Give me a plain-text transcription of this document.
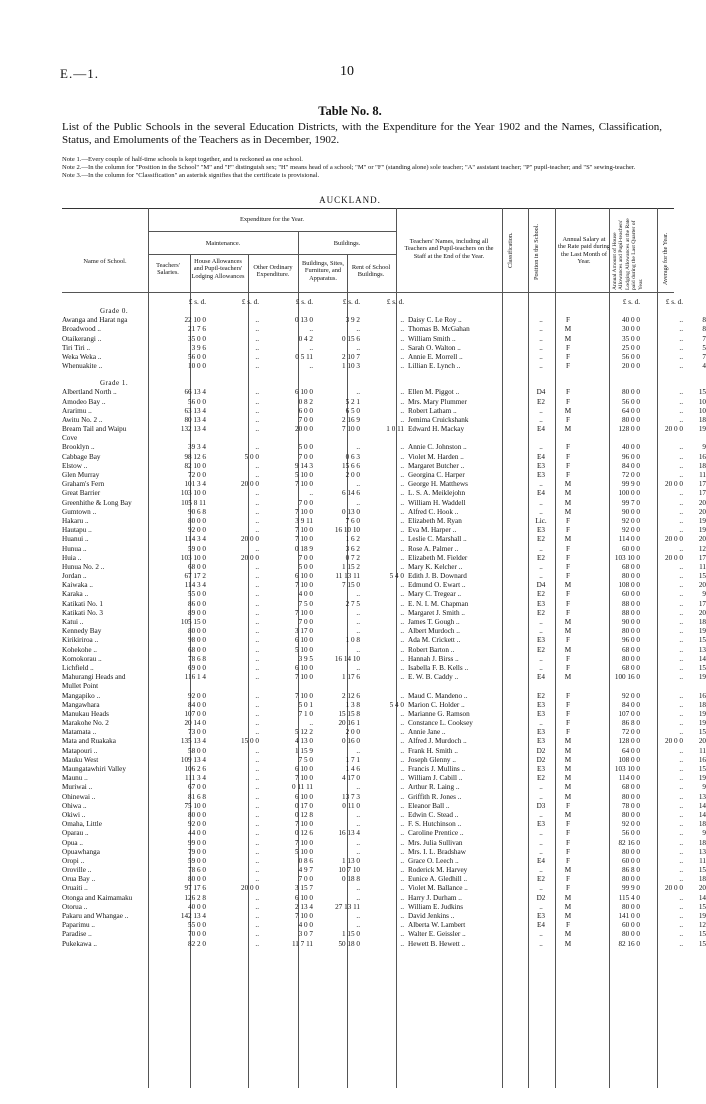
E.—1.	10
Table No. 8.
List of the Public Schools in the several Education Districts, with the Expenditure for the Year 1902 and the Names, Classification, Status, and Emoluments of the Teachers as in December, 1902.
Note 1.—Every couple of half-time schools is kept together, and is reckoned as one school.
Note 2.—In the column for "Position in the School" "M" and "F" distinguish sex; "H" means head of a school; "M" or "F" (standing alone) sole teacher; "A" assistant teacher; "P" pupil-teacher; and "S" sewing-teacher.
Note 3.—In the column for "Classification" an asterisk signifies that the certificate is provisional.
AUCKLAND.
Name of School.
Expenditure for the Year.
Maintenance.	Buildings.
Teachers' Salaries.
House Allowances and Pupil-teachers' Lodging Allowances
Other Ordinary Expenditure.
Buildings, Sites, Furniture, and Apparatus.
Rent of School Buildings.
Teachers' Names, including all Teachers and Pupil-teachers on the Staff at the End of the Year.	Classification.	Position in the School.	Annual Salary at the Rate paid during the Last Month of Year.	Annual Amount of House Allowances and Pupil-teachers' Lodging Allowances at the Rate paid during the Last Quarter of Year.	Average for the Year.
£ s. d.	£ s. d.	£ s. d.	£ s. d.	£ s. d.	£ s. d.	£ s. d.
Grade 0.
Awanga and Harat nga	22 10 0	..	0 13 0	3 9 2	.. Daisy C. Le Roy ..	..	F	40 0 0	..	8
Broadwood ..	21 7 6	..	..	..	.. Thomas B. McGahan	..	M	30 0 0	..	8
Otaikerangi ..	35 0 0	..	0 4 2	0 15 6	.. William Smith ..	..	M	35 0 0	..	7
Tiri Tiri ..	3 9 6	..	..	..	.. Sarah O. Walton ..	..	F	25 0 0	..	5
Weka Weka ..	56 0 0	..	0 5 11	2 10 7	.. Annie E. Morrell ..	..	F	56 0 0	..	7
Whenuakite ..	10 0 0	..	..	1 10 3	.. Lillian E. Lynch ..	..	F	20 0 0	..	4
Grade 1.
Albertland North ..	66 13 4	..	6 10 0	..	.. Ellen M. Piggot ..	D4	F	80 0 0	..	15
Amodeo Bay ..	56 0 0	..	0 8 2	5 2 1	.. Mrs. Mary Plummer	E2	F	56 0 0	..	10
Ararimu ..	63 13 4	..	6 0 0	6 5 0	.. Robert Latham ..	..	M	64 0 0	..	10
Awitu No. 2 ..	80 13 4	..	7 0 0	2 16 9	.. Jemima Cruickshank	..	F	80 0 0	..	18
Bream Tail and Waipu	132 13 4	..	20 0 0	7 10 0	1 0 11 Edward H. Mackay	E4	M	128 0 0	20 0 0	19
Cove
Brooklyn ..	39 3 4	..	5 0 0	..	.. Annie C. Johnston ..	..	F	40 0 0	..	9
Cabbage Bay	98 12 6	5 0 0	7 0 0	0 6 3	.. Violet M. Harden ..	E4	F	96 0 0	..	16
Elstow ..	82 10 0	..	9 14 3	15 6 6	.. Margaret Butcher ..	E3	F	84 0 0	..	18
Glen Murray	72 0 0	..	5 10 0	2 0 0	.. Georgina C. Harper	E3	F	72 0 0	..	11
Graham's Fern	101 3 4	20 0 0	7 10 0	..	.. George H. Matthews	..	M	99 9 0	20 0 0	17
Great Barrier	103 10 0	..	..	6 14 6	.. L. S. A. Meiklejohn	E4	M	100 0 0	..	17
Greenhithe & Long Bay	105 8 11	..	7 0 0	..	.. William H. Waddell	..	M	99 7 0	..	20
Gumtown ..	90 6 8	..	7 10 0	0 13 0	.. Alfred C. Hook ..	..	M	90 0 0	..	20
Hakaru ..	80 0 0	..	3 9 11	7 6 0	.. Elizabeth M. Ryan	Lic.	F	92 0 0	..	19
Hautapu ..	92 0 0	..	7 10 0	16 10 10	.. Eva M. Harper ..	E3	F	92 0 0	..	19
Huanui ..	114 3 4	20 0 0	7 10 0	1 6 2	.. Leslie C. Marshall ..	E2	M	114 0 0	20 0 0	20
Hunua ..	59 0 0	..	0 18 9	3 6 2	.. Rose A. Palmer ..	..	F	60 0 0	..	12
Huia ..	103 10 0	20 0 0	7 0 0	0 7 2	.. Elizabeth M. Fielder	E2	F	103 10 0	20 0 0	17
Hunua No. 2 ..	68 0 0	..	5 0 0	1 15 2	.. Mary K. Kelcher ..	..	F	68 0 0	..	11
Jordan ..	67 17 2	..	6 10 0	11 13 11	5 4 0 Edith J. B. Downard	..	F	80 0 0	..	15
Kaiwaka ..	114 3 4	..	7 10 0	7 15 0	.. Edmund O. Ewart ..	D4	M	108 0 0	..	20
Karaka ..	55 0 0	..	4 0 0	..	.. Mary C. Tregear ..	E2	F	60 0 0	..	9
Katikati No. 1	86 0 0	..	7 5 0	2 7 5	.. E. N. I. M. Chapman	E3	F	88 0 0	..	17
Katikati No. 3	89 0 0	..	7 10 0	..	.. Margaret J. Smith ..	E2	F	88 0 0	..	20
Katui ..	105 15 0	..	7 0 0	..	.. James T. Gough ..	..	M	90 0 0	..	18
Kennedy Bay	80 0 0	..	3 17 0	..	.. Albert Murdoch ..	..	M	80 0 0	..	19
Kirikiriroa ..	98 0 0	..	6 10 0	1 0 8	.. Ada M. Crickett ..	E3	F	96 0 0	..	15
Kohekohe ..	68 0 0	..	5 10 0	..	.. Robert Barton ..	E2	M	68 0 0	..	13
Komokorau ..	78 6 8	..	3 9 5	16 14 10	.. Hannah J. Birss ..	..	F	80 0 0	..	14
Lichfield ..	69 0 0	..	6 10 0	..	.. Isabella F. B. Kells ..	..	F	68 0 0	..	15
Mahurangi Heads and	116 1 4	..	7 10 0	1 17 6	.. E. W. B. Caddy ..	E4	M	100 16 0	..	19
Mullet Point
Mangapiko ..	92 0 0	..	7 10 0	2 12 6	.. Maud C. Mandeno ..	E2	F	92 0 0	..	16
Mangawhara	84 0 0	..	5 0 1	1 3 8	5 4 0 Marion C. Holder ..	E3	F	84 0 0	..	18
Manukau Heads	107 0 0	..	7 1 0	15 15 8	.. Marianne G. Ramson	E3	F	107 0 0	..	19
Marakohe No. 2	20 14 0	..	..	20 16 1	.. Constance L. Cooksey	..	F	86 8 0	..	19
Matamata ..	73 0 0	..	5 12 2	2 0 0	.. Annie Jane ..	E3	F	72 0 0	..	15
Mata and Ruakaka	135 13 4	15 0 0	4 13 0	0 16 0	.. Alfred J. Murdoch ..	E3	M	128 0 0	20 0 0	20
Matapouri ..	58 0 0	..	1 15 9	..	.. Frank H. Smith ..	D2	M	64 0 0	..	11
Mauku West	109 13 4	..	7 5 0	1 7 1	.. Joseph Glenny ..	D2	M	108 0 0	..	16
Maungatawhiri Valley	106 2 6	..	6 10 0	1 4 6	.. Francis J. Mullins ..	E3	M	103 10 0	..	15
Maunu ..	111 3 4	..	7 10 0	4 17 0	.. William J. Cabill ..	E2	M	114 0 0	..	19
Muriwai ..	67 0 0	..	0 11 11	..	.. Arthur R. Laing ..	..	M	68 0 0	..	9
Ohinewai ..	81 6 8	..	6 10 0	13 7 3	.. Griffith R. Jones ..	..	M	80 0 0	..	13
Ohiwa ..	75 10 0	..	0 17 0	0 11 0	.. Eleanor Ball ..	D3	F	78 0 0	..	14
Okiwi ..	80 0 0	..	0 12 8	..	.. Edwin C. Stead ..	..	M	80 0 0	..	14
Omaha, Little	92 0 0	..	7 10 0	..	.. F. S. Hutchinson ..	E3	F	92 0 0	..	18
Oparau ..	44 0 0	..	0 12 6	16 13 4	.. Caroline Prentice ..	..	F	56 0 0	..	9
Opua ..	99 0 0	..	7 10 0	..	.. Mrs. Julia Sullivan	..	F	82 16 0	..	18
Opuawhanga	79 0 0	..	5 10 0	..	.. Mrs. I. L. Bradshaw	..	F	80 0 0	..	13
Oropi ..	59 0 0	..	0 8 6	1 13 0	.. Grace O. Leech ..	E4	F	60 0 0	..	11
Oroville ..	78 6 0	..	4 9 7	10 7 10	.. Roderick M. Harvey	..	M	86 8 0	..	15
Orua Bay ..	80 0 0	..	7 0 0	0 18 8	.. Eunice A. Gledhill ..	E2	F	80 0 0	..	18
Oruaiti ..	97 17 6	20 0 0	3 15 7	..	.. Violet M. Ballance ..	..	F	99 9 0	20 0 0	20
Otonga and Kaimamaku	126 2 8	..	6 10 0	..	.. Harry J. Durham ..	D2	M	115 4 0	..	14
Otorua ..	40 0 0	..	2 13 4	27 13 11	.. William E. Judkins	..	M	80 0 0	..	15
Pakaru and Whangae ..	142 13 4	..	7 10 0	..	.. David Jenkins ..	E3	M	141 0 0	..	19
Paparimu ..	55 0 0	..	4 0 0	..	.. Alberta W. Lambert	E4	F	60 0 0	..	12
Paradise ..	70 0 0	..	3 0 7	1 15 0	.. Walter E. Geissler ..	..	M	80 0 0	..	15
Pukekawa ..	82 2 0	..	11 7 11	50 18 0	.. Hewett B. Hewett ..	..	M	82 16 0	..	15
